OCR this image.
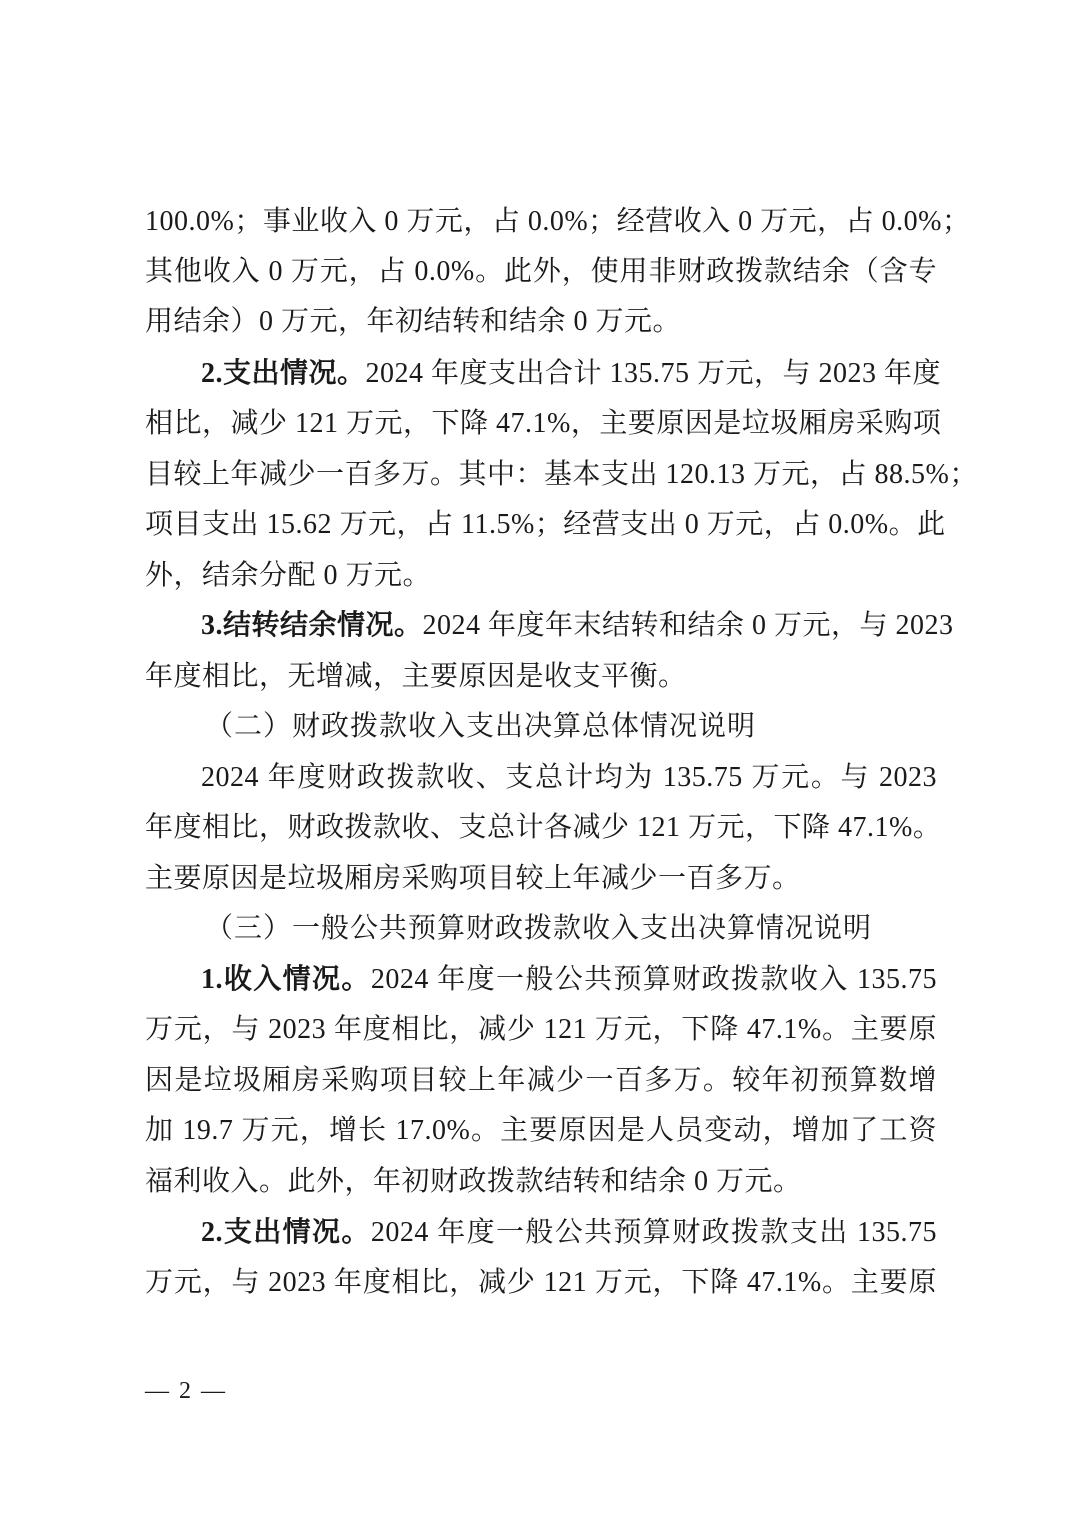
100.0%；事业收入 0 万元，占 0.0%；经营收入 0 万元，占 0.0%；
其他收入 0 万元，占 0.0%。此外，使用非财政拨款结余（含专
用结余）0 万元，年初结转和结余 0 万元。
2.支出情况。2024 年度支出合计 135.75 万元，与 2023 年度
相比，减少 121 万元，下降 47.1%，主要原因是垃圾厢房采购项
目较上年减少一百多万。其中：基本支出 120.13 万元，占 88.5%；
项目支出 15.62 万元，占 11.5%；经营支出 0 万元，占 0.0%。此
外，结余分配 0 万元。
3.结转结余情况。2024 年度年末结转和结余 0 万元，与 2023
年度相比，无增减，主要原因是收支平衡。
（二）财政拨款收入支出决算总体情况说明
2024 年度财政拨款收、支总计均为 135.75 万元。与 2023
年度相比，财政拨款收、支总计各减少 121 万元，下降 47.1%。
主要原因是垃圾厢房采购项目较上年减少一百多万。
（三）一般公共预算财政拨款收入支出决算情况说明
1.收入情况。2024 年度一般公共预算财政拨款收入 135.75
万元，与 2023 年度相比，减少 121 万元，下降 47.1%。主要原
因是垃圾厢房采购项目较上年减少一百多万。较年初预算数增
加 19.7 万元，增长 17.0%。主要原因是人员变动，增加了工资
福利收入。此外，年初财政拨款结转和结余 0 万元。
2.支出情况。2024 年度一般公共预算财政拨款支出 135.75
万元，与 2023 年度相比，减少 121 万元，下降 47.1%。主要原
— 2 —
